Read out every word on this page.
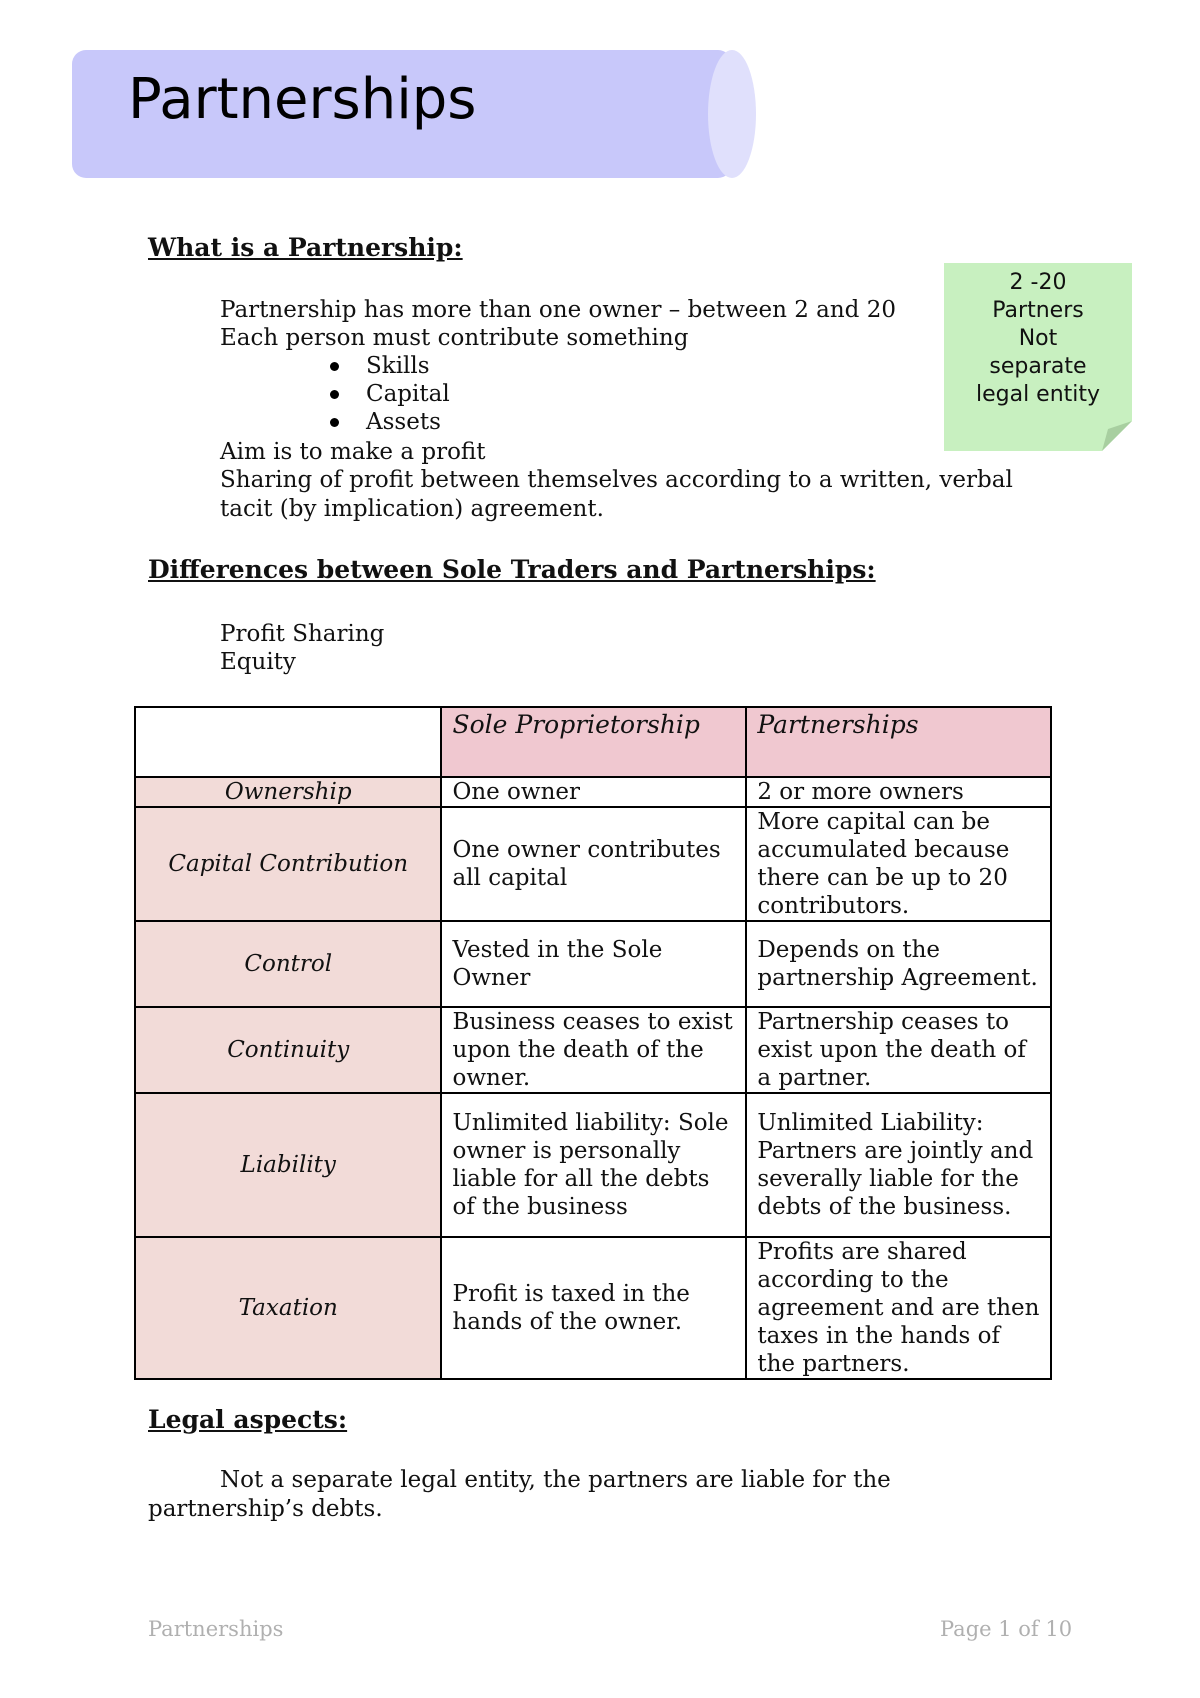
Partnerships
What is a Partnership:
Partnership has more than one owner – between 2 and 20
Each person must contribute something
Skills
Capital
Assets
Aim is to make a profit
Sharing of profit between themselves according to a written, verbal
tacit (by implication) agreement.
2 -20
Partners
Not
separate
legal entity
Differences between Sole Traders and Partnerships:
Profit Sharing
Equity
	Sole Proprietorship	Partnerships
Ownership	One owner	2 or more owners
Capital Contribution	One owner contributes all capital	More capital can be accumulated because there can be up to 20 contributors.
Control	Vested in the Sole Owner	Depends on the partnership Agreement.
Continuity	Business ceases to exist upon the death of the owner.	Partnership ceases to exist upon the death of a partner.
Liability	Unlimited liability: Sole owner is personally liable for all the debts of the business	Unlimited Liability: Partners are jointly and severally liable for the debts of the business.
Taxation	Profit is taxed in the hands of the owner.	Profits are shared according to the agreement and are then taxes in the hands of the partners.
Legal aspects:
Not a separate legal entity, the partners are liable for the
partnership’s debts.
Partnerships	Page 1 of 10
